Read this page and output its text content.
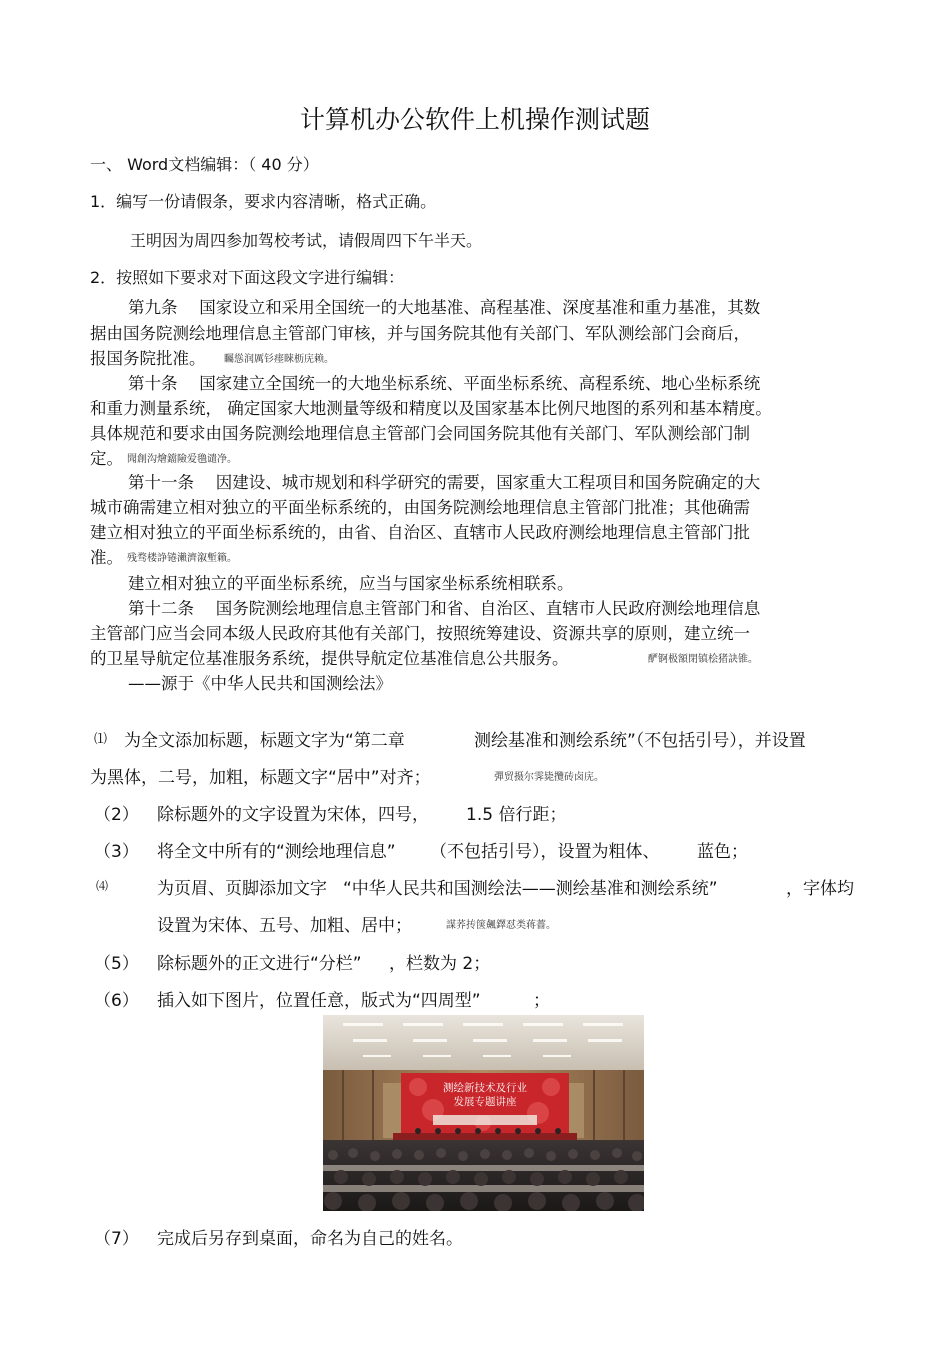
计算机办公软件上机操作测试题
一、 Word文档编辑：（ 40 分）
1．编写一份请假条，要求内容清晰，格式正确。
王明因为周四参加驾校考试，请假周四下午半天。
2．按照如下要求对下面这段文字进行编辑：
第九条　 国家设立和采用全国统一的大地基准、高程基准、深度基准和重力基准，其数
据由国务院测绘地理信息主管部门审核，并与国务院其他有关部门、军队测绘部门会商后，
报国务院批准。 矚慫润厲钐瘗睞枥庑赖。
第十条　 国家建立全国统一的大地坐标系统、平面坐标系统、高程系统、地心坐标系统
和重力测量系统， 确定国家大地测量等级和精度以及国家基本比例尺地图的系列和基本精度。
具体规范和要求由国务院测绘地理信息主管部门会同国务院其他有关部门、军队测绘部门制
定。 聞創沟燴鐺險爱氇谴净。
第十一条　 因建设、城市规划和科学研究的需要，国家重大工程项目和国务院确定的大
城市确需建立相对独立的平面坐标系统的，由国务院测绘地理信息主管部门批准；其他确需
建立相对独立的平面坐标系统的，由省、自治区、直辖市人民政府测绘地理信息主管部门批
准。 残骛楼諍锩瀨濟溆塹籟。
建立相对独立的平面坐标系统，应当与国家坐标系统相联系。
第十二条　 国务院测绘地理信息主管部门和省、自治区、直辖市人民政府测绘地理信息
主管部门应当会同本级人民政府其他有关部门，按照统筹建设、资源共享的原则，建立统一
的卫星导航定位基准服务系统，提供导航定位基准信息公共服务。	酽锕极額閉镇桧猪訣锥。
——源于《中华人民共和国测绘法》
⑴ 为全文添加标题，标题文字为“第二章	测绘基准和测绘系统”（不包括引号），并设置
为黑体，二号，加粗，标题文字“居中”对齐；	彈贸摄尔霁毙攬砖卤庑。
（2） 除标题外的文字设置为宋体，四号， 1.5 倍行距；
（3） 将全文中所有的“测绘地理信息” （不包括引号），设置为粗体、 蓝色；
⑷	为页眉、页脚添加文字 “中华人民共和国测绘法——测绘基准和测绘系统”	，字体均
设置为宋体、五号、加粗、居中；	謀荞抟箧飆鐸怼类蒋薔。
（5） 除标题外的正文进行“分栏” ，栏数为 2；
（6） 插入如下图片，位置任意，版式为“四周型”	；
测绘新技术及行业
发展专题讲座
（7） 完成后另存到桌面，命名为自己的姓名。
